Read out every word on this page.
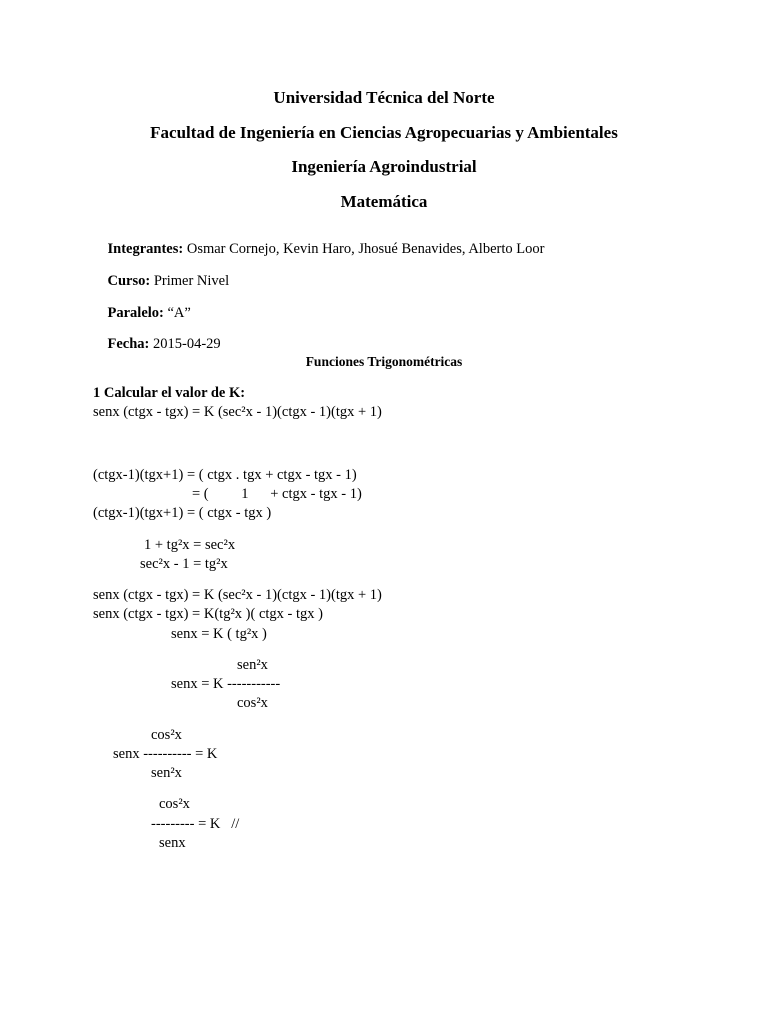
Universidad Técnica del Norte
Facultad de Ingeniería en Ciencias Agropecuarias y Ambientales
Ingeniería Agroindustrial
Matemática

Integrantes: Osmar Cornejo, Kevin Haro, Jhosué Benavides, Alberto Loor

Curso: Primer Nivel

Paralelo: “A”

Fecha: 2015-04-29

Funciones Trigonométricas
1 Calcular el valor de K:
senx (ctgx - tgx) = K (sec²x - 1)(ctgx - 1)(tgx + 1)
(ctgx-1)(tgx+1) = ( ctgx . tgx + ctgx - tgx - 1)
= (         1      + ctgx - tgx - 1)
(ctgx-1)(tgx+1) = ( ctgx - tgx )
1 + tg²x = sec²x
sec²x - 1 = tg²x
senx (ctgx - tgx) = K (sec²x - 1)(ctgx - 1)(tgx + 1)
senx (ctgx - tgx) = K(tg²x )( ctgx - tgx )
senx = K ( tg²x )
sen²x
senx = K -----------
cos²x
cos²x
senx ---------- = K
sen²x
cos²x
--------- = K   //
senx
